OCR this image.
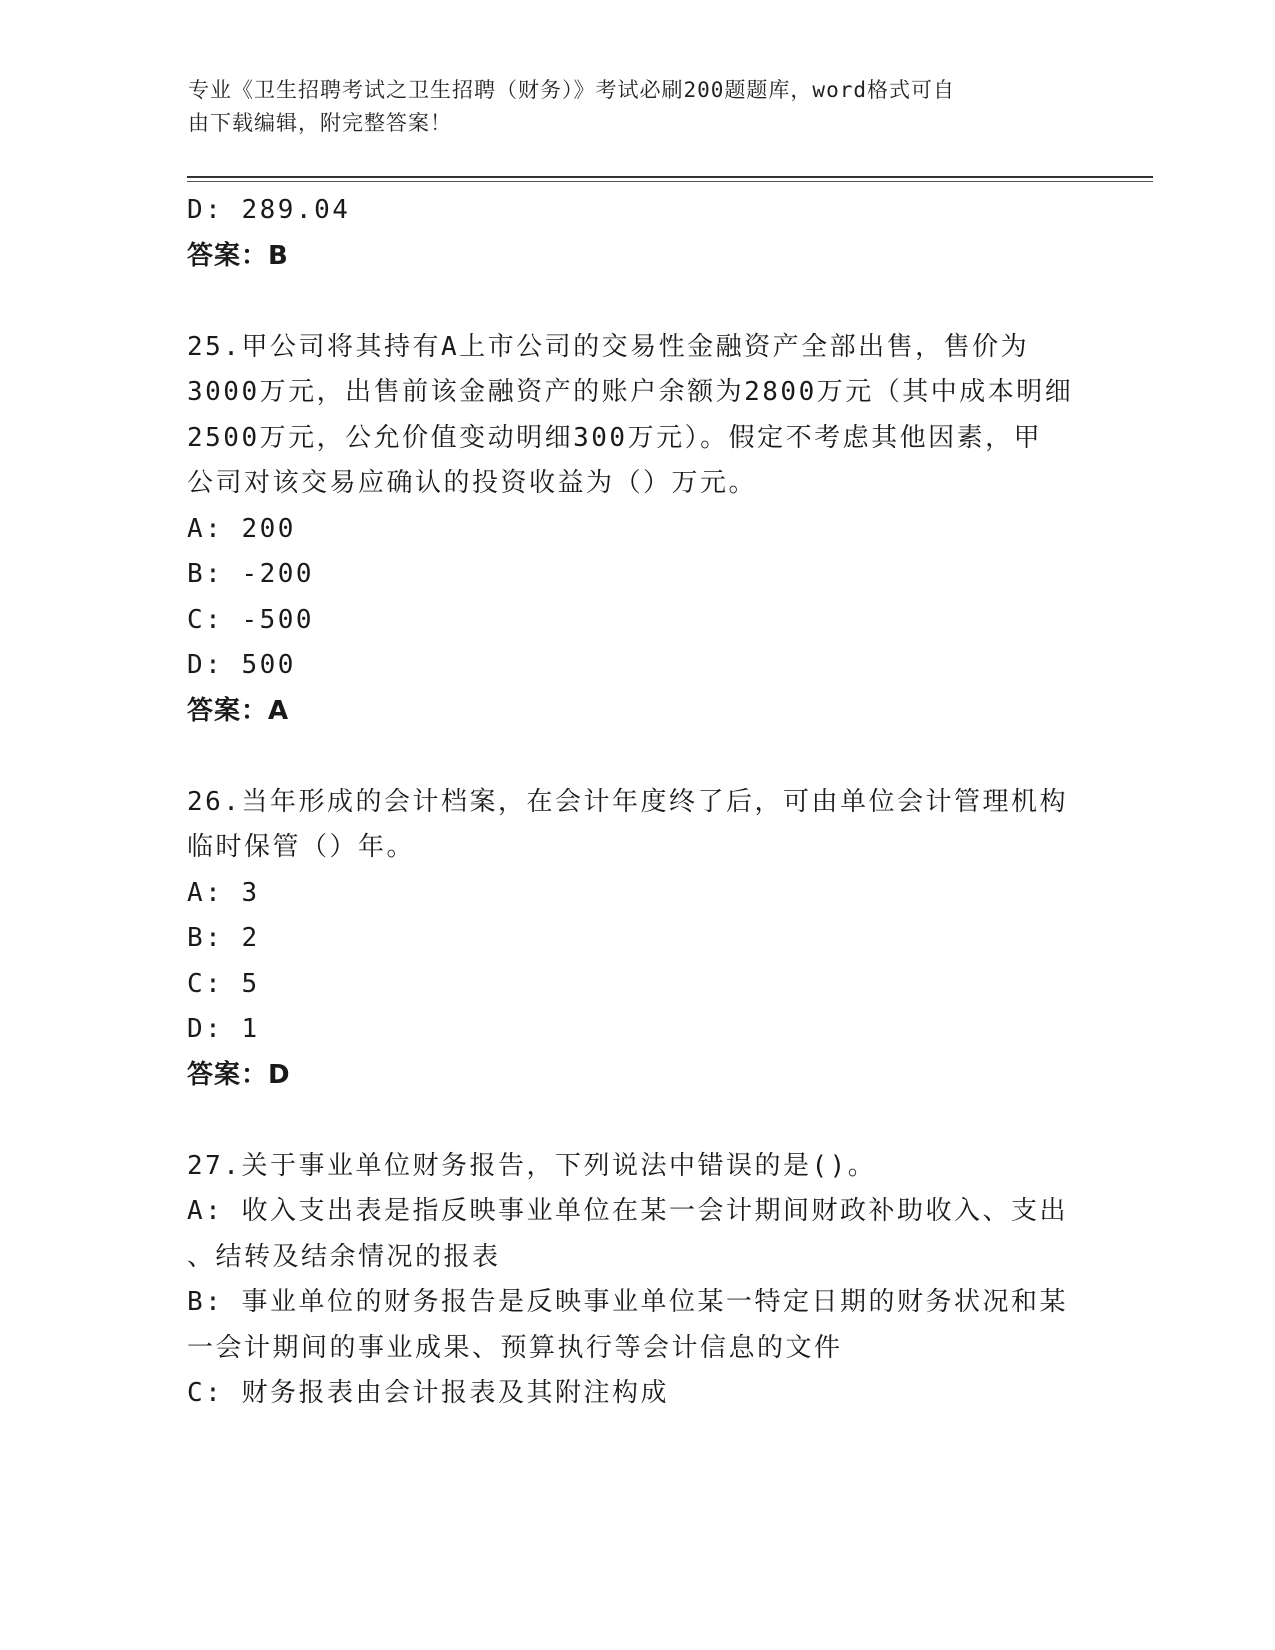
专业《卫生招聘考试之卫生招聘（财务）》考试必刷200题题库，word格式可自
由下载编辑，附完整答案！
D: 289.04
答案：B
25.甲公司将其持有A上市公司的交易性金融资产全部出售，售价为
3000万元，出售前该金融资产的账户余额为2800万元（其中成本明细
2500万元，公允价值变动明细300万元）。假定不考虑其他因素，甲
公司对该交易应确认的投资收益为（）万元。
A: 200
B: -200
C: -500
D: 500
答案：A
26.当年形成的会计档案，在会计年度终了后，可由单位会计管理机构
临时保管（）年。
A: 3
B: 2
C: 5
D: 1
答案：D
27.关于事业单位财务报告，下列说法中错误的是()。
A: 收入支出表是指反映事业单位在某一会计期间财政补助收入、支出
、结转及结余情况的报表
B: 事业单位的财务报告是反映事业单位某一特定日期的财务状况和某
一会计期间的事业成果、预算执行等会计信息的文件
C: 财务报表由会计报表及其附注构成
